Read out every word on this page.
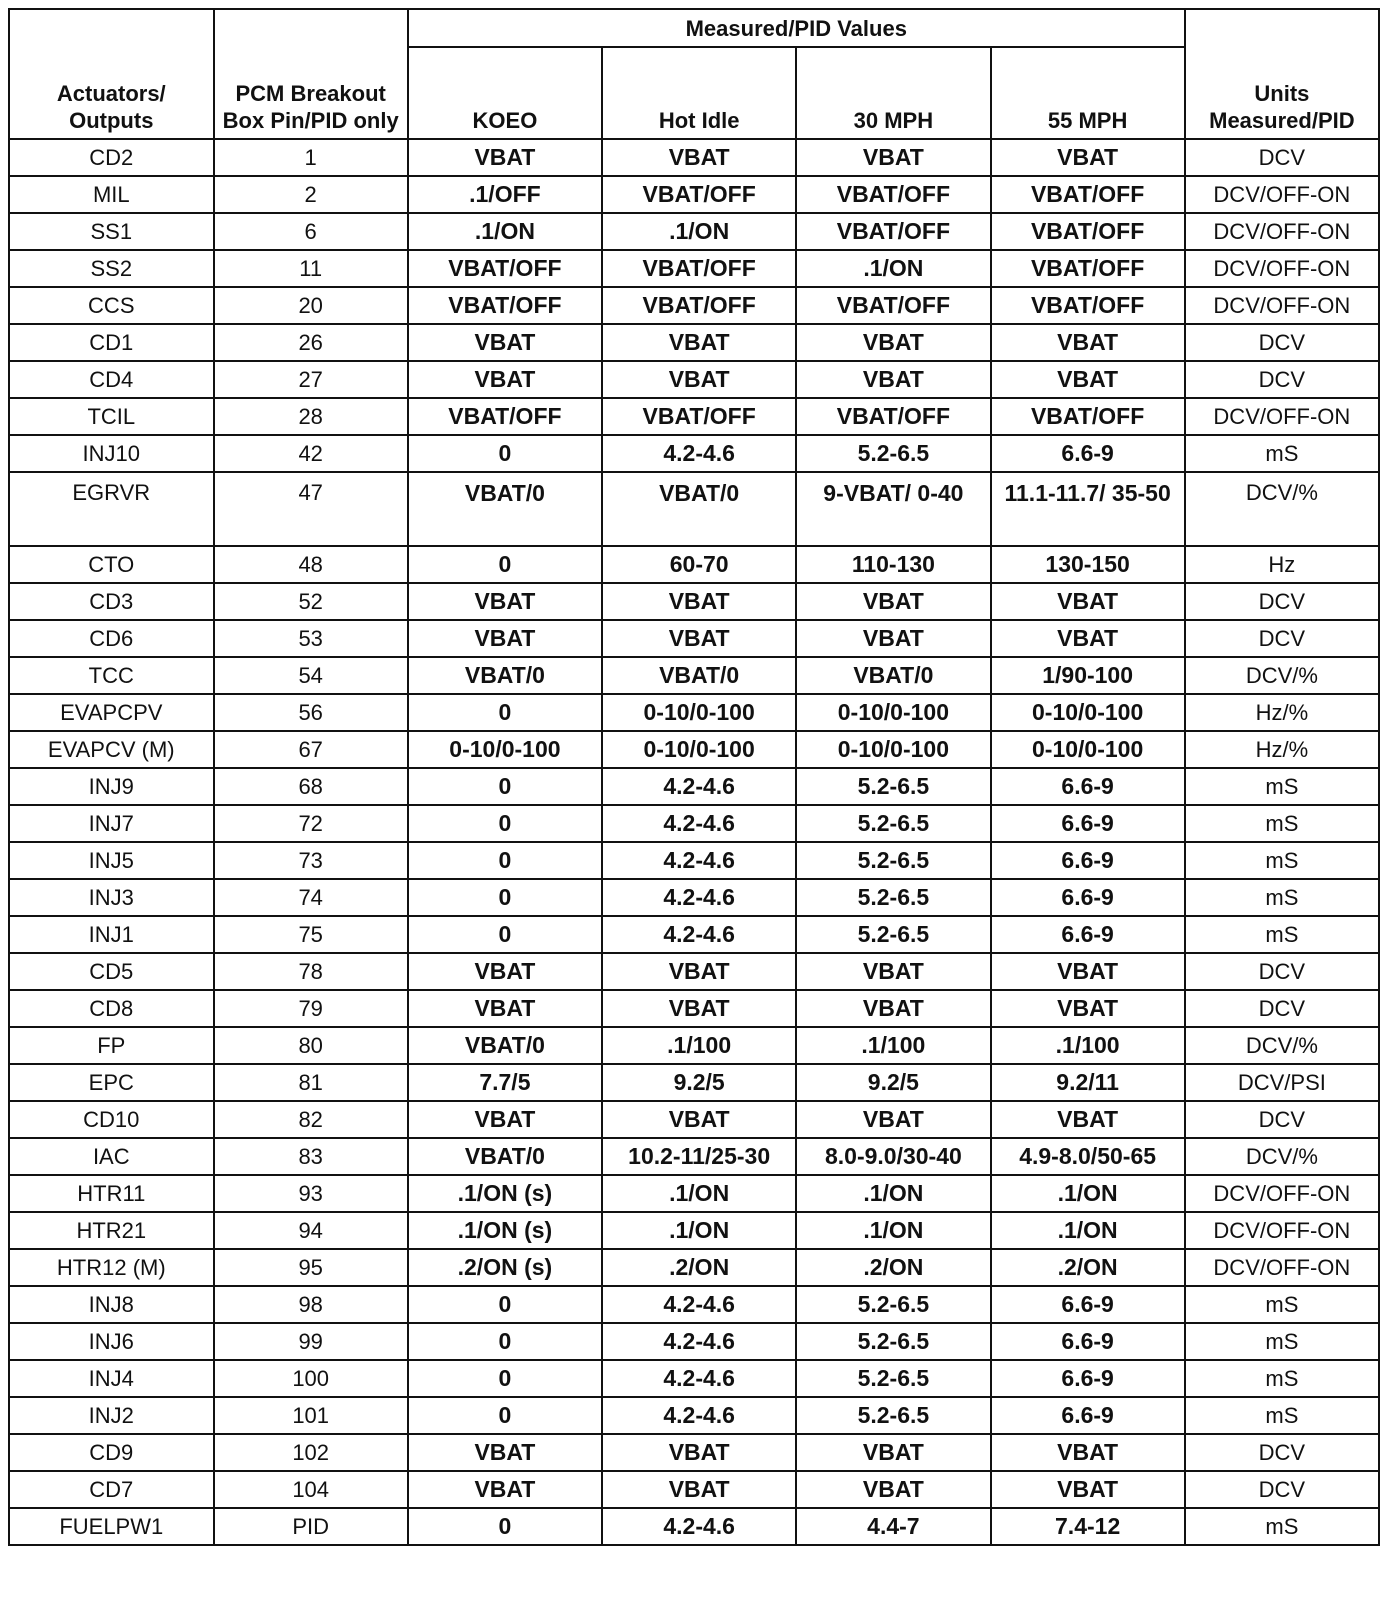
Actuators/ Outputs	PCM Breakout Box Pin/PID only	Measured/PID Values				Units Measured/PID
		KOEO	Hot Idle	30 MPH	55 MPH	
CD2	1	VBAT	VBAT	VBAT	VBAT	DCV
MIL	2	.1/OFF	VBAT/OFF	VBAT/OFF	VBAT/OFF	DCV/OFF-ON
SS1	6	.1/ON	.1/ON	VBAT/OFF	VBAT/OFF	DCV/OFF-ON
SS2	11	VBAT/OFF	VBAT/OFF	.1/ON	VBAT/OFF	DCV/OFF-ON
CCS	20	VBAT/OFF	VBAT/OFF	VBAT/OFF	VBAT/OFF	DCV/OFF-ON
CD1	26	VBAT	VBAT	VBAT	VBAT	DCV
CD4	27	VBAT	VBAT	VBAT	VBAT	DCV
TCIL	28	VBAT/OFF	VBAT/OFF	VBAT/OFF	VBAT/OFF	DCV/OFF-ON
INJ10	42	0	4.2-4.6	5.2-6.5	6.6-9	mS
EGRVR	47	VBAT/0	VBAT/0	9-VBAT/ 0-40	11.1-11.7/ 35-50	DCV/%
CTO	48	0	60-70	110-130	130-150	Hz
CD3	52	VBAT	VBAT	VBAT	VBAT	DCV
CD6	53	VBAT	VBAT	VBAT	VBAT	DCV
TCC	54	VBAT/0	VBAT/0	VBAT/0	1/90-100	DCV/%
EVAPCPV	56	0	0-10/0-100	0-10/0-100	0-10/0-100	Hz/%
EVAPCV (M)	67	0-10/0-100	0-10/0-100	0-10/0-100	0-10/0-100	Hz/%
INJ9	68	0	4.2-4.6	5.2-6.5	6.6-9	mS
INJ7	72	0	4.2-4.6	5.2-6.5	6.6-9	mS
INJ5	73	0	4.2-4.6	5.2-6.5	6.6-9	mS
INJ3	74	0	4.2-4.6	5.2-6.5	6.6-9	mS
INJ1	75	0	4.2-4.6	5.2-6.5	6.6-9	mS
CD5	78	VBAT	VBAT	VBAT	VBAT	DCV
CD8	79	VBAT	VBAT	VBAT	VBAT	DCV
FP	80	VBAT/0	.1/100	.1/100	.1/100	DCV/%
EPC	81	7.7/5	9.2/5	9.2/5	9.2/11	DCV/PSI
CD10	82	VBAT	VBAT	VBAT	VBAT	DCV
IAC	83	VBAT/0	10.2-11/25-30	8.0-9.0/30-40	4.9-8.0/50-65	DCV/%
HTR11	93	.1/ON (s)	.1/ON	.1/ON	.1/ON	DCV/OFF-ON
HTR21	94	.1/ON (s)	.1/ON	.1/ON	.1/ON	DCV/OFF-ON
HTR12 (M)	95	.2/ON (s)	.2/ON	.2/ON	.2/ON	DCV/OFF-ON
INJ8	98	0	4.2-4.6	5.2-6.5	6.6-9	mS
INJ6	99	0	4.2-4.6	5.2-6.5	6.6-9	mS
INJ4	100	0	4.2-4.6	5.2-6.5	6.6-9	mS
INJ2	101	0	4.2-4.6	5.2-6.5	6.6-9	mS
CD9	102	VBAT	VBAT	VBAT	VBAT	DCV
CD7	104	VBAT	VBAT	VBAT	VBAT	DCV
FUELPW1	PID	0	4.2-4.6	4.4-7	7.4-12	mS
